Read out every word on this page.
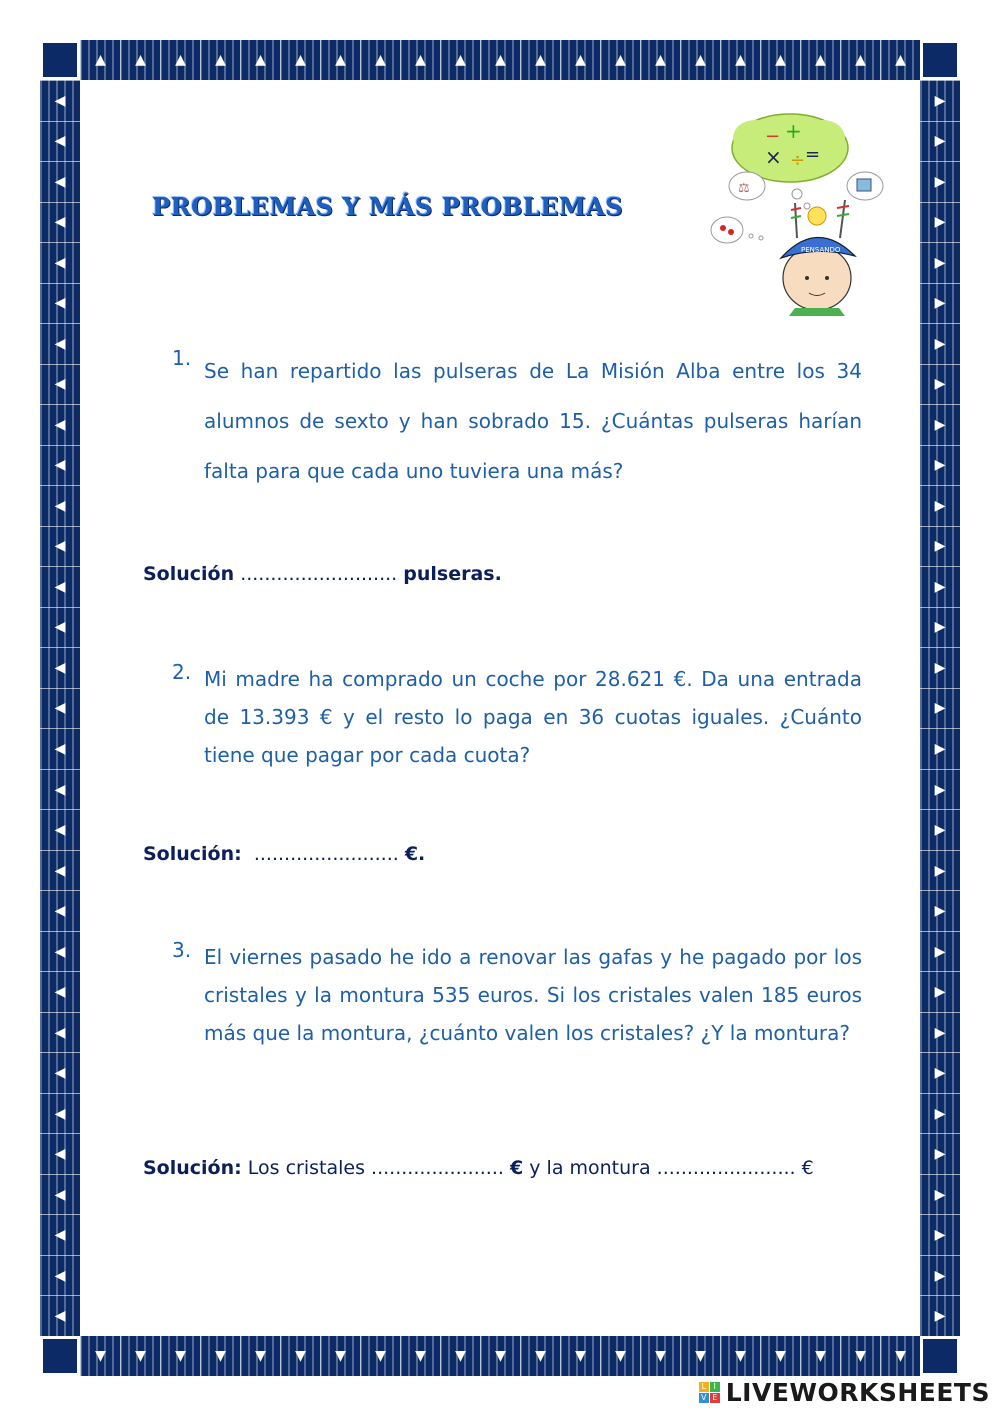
▲	▲	▲	▲	▲	▲	▲	▲	▲	▲	▲	▲	▲	▲	▲	▲	▲	▲	▲	▲	▲
▼	▼	▼	▼	▼	▼	▼	▼	▼	▼	▼	▼	▼	▼	▼	▼	▼	▼	▼	▼	▼
◀
◀
◀
◀
◀
◀
◀
◀
◀
◀
◀
◀
◀
◀
◀
◀
◀
◀
◀
◀
◀
◀
◀
◀
◀
◀
◀
◀
◀
◀
◀
▶
▶
▶
▶
▶
▶
▶
▶
▶
▶
▶
▶
▶
▶
▶
▶
▶
▶
▶
▶
▶
▶
▶
▶
▶
▶
▶
▶
▶
▶
▶
PROBLEMAS Y MÁS PROBLEMAS
− +
× ÷ =
⚖
PENSANDO
1.
Se han repartido las pulseras de La Misión Alba entre los 34 alumnos de sexto y han sobrado 15. ¿Cuántas pulseras harían falta para que cada uno tuviera una más?
Solución .......................... pulseras.
2. Mi madre ha comprado un coche por 28.621 €. Da una entrada de 13.393 € y el resto lo paga en 36 cuotas iguales. ¿Cuánto tiene que pagar por cada cuota?
Solución: ........................ €.
3. El viernes pasado he ido a renovar las gafas y he pagado por los cristales y la montura 535 euros. Si los cristales valen 185 euros más que la montura, ¿cuánto valen los cristales? ¿Y la montura?
Solución: Los cristales ...................... € y la montura ....................... €
L I
V E LIVEWORKSHEETS
